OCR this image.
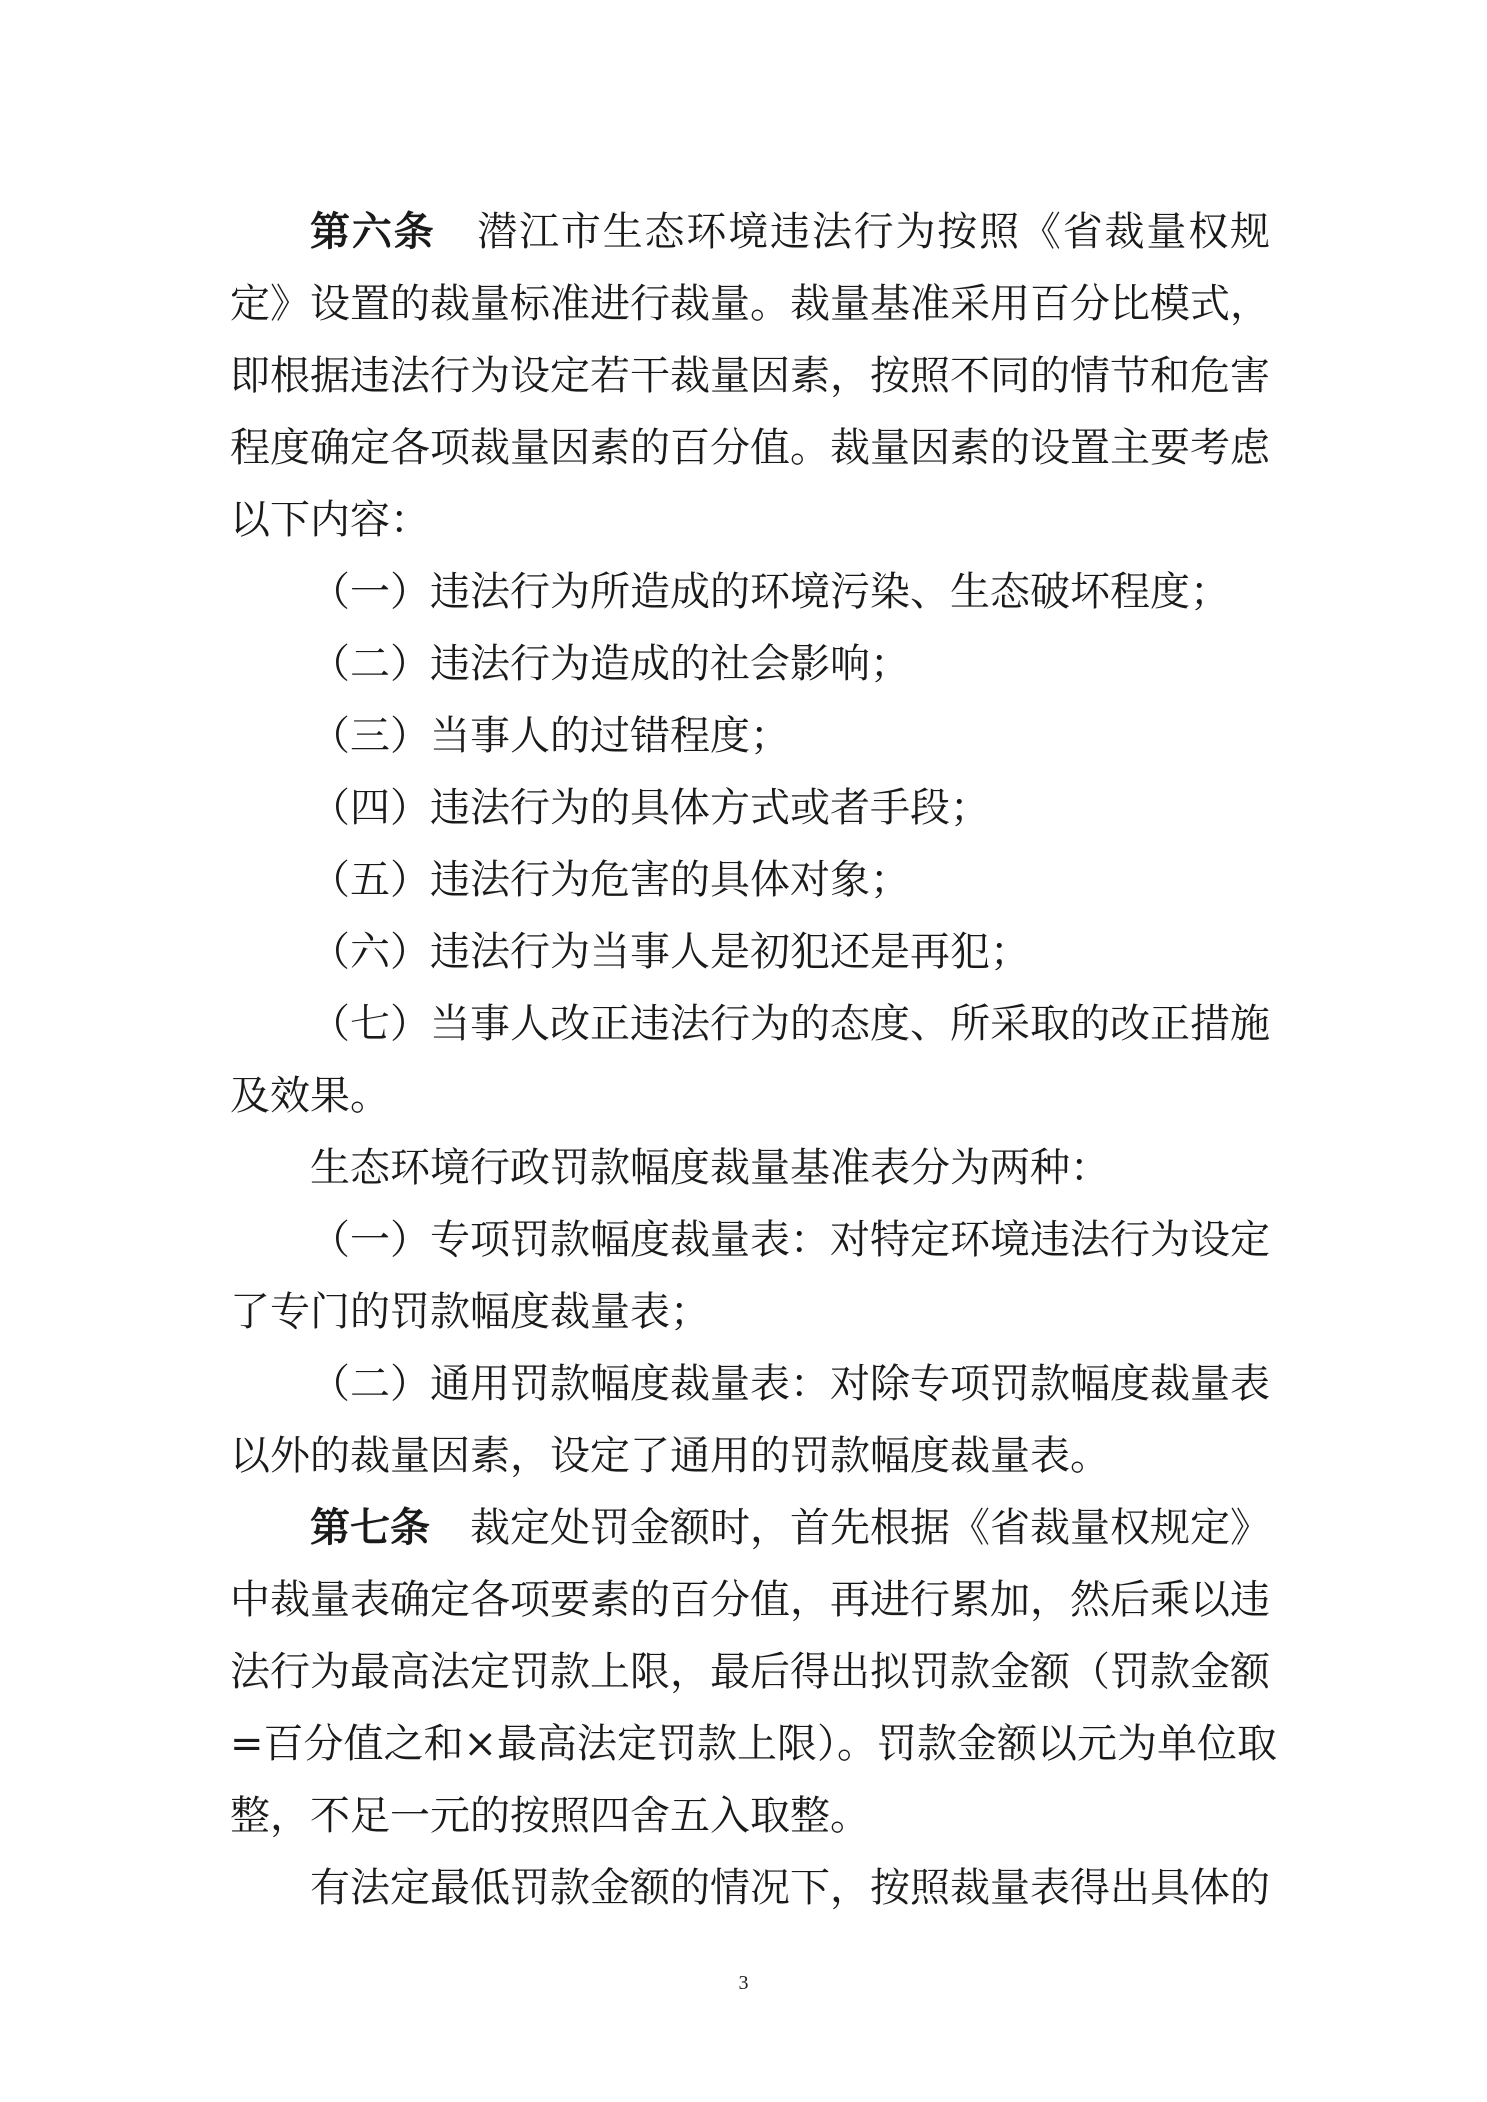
第六条　潜江市生态环境违法行为按照《省裁量权规
定》设置的裁量标准进行裁量。裁量基准采用百分比模式，
即根据违法行为设定若干裁量因素，按照不同的情节和危害
程度确定各项裁量因素的百分值。裁量因素的设置主要考虑
以下内容：
（一）违法行为所造成的环境污染、生态破坏程度；
（二）违法行为造成的社会影响；
（三）当事人的过错程度；
（四）违法行为的具体方式或者手段；
（五）违法行为危害的具体对象；
（六）违法行为当事人是初犯还是再犯；
（七）当事人改正违法行为的态度、所采取的改正措施
及效果。
生态环境行政罚款幅度裁量基准表分为两种：
（一）专项罚款幅度裁量表：对特定环境违法行为设定
了专门的罚款幅度裁量表；
（二）通用罚款幅度裁量表：对除专项罚款幅度裁量表
以外的裁量因素，设定了通用的罚款幅度裁量表。
第七条　裁定处罚金额时，首先根据《省裁量权规定》
中裁量表确定各项要素的百分值，再进行累加，然后乘以违
法行为最高法定罚款上限，最后得出拟罚款金额（罚款金额
=百分值之和×最高法定罚款上限）。罚款金额以元为单位取
整，不足一元的按照四舍五入取整。
有法定最低罚款金额的情况下，按照裁量表得出具体的
3
